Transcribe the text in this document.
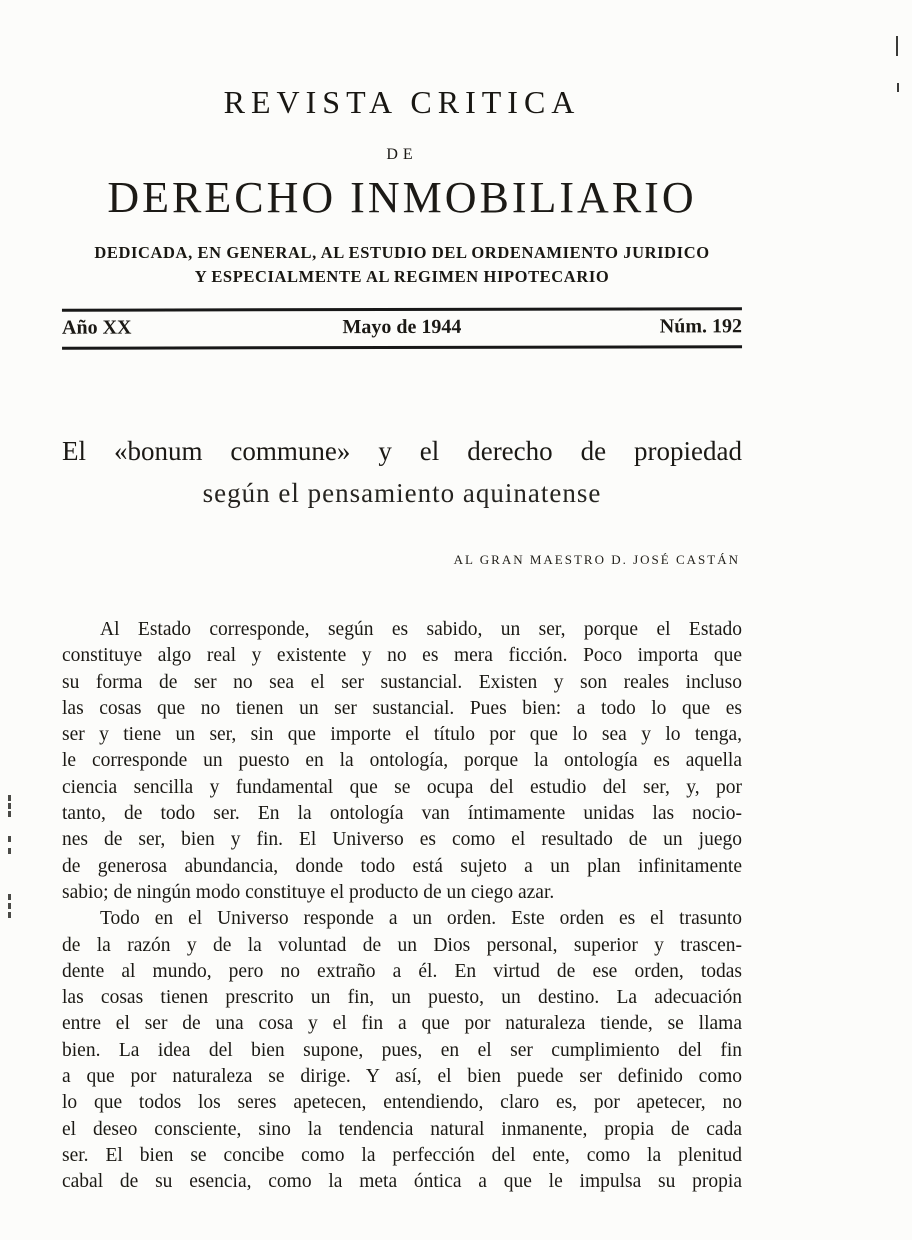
REVISTA CRITICA
DE
DERECHO INMOBILIARIO
DEDICADA, EN GENERAL, AL ESTUDIO DEL ORDENAMIENTO JURIDICO
Y ESPECIALMENTE AL REGIMEN HIPOTECARIO
Año XX	Mayo de 1944	Núm. 192
El «bonum commune» y el derecho de propiedad
según el pensamiento aquinatense
AL GRAN MAESTRO D. JOSÉ CASTÁN
Al Estado corresponde, según es sabido, un ser, porque el Estado
constituye algo real y existente y no es mera ficción. Poco importa que
su forma de ser no sea el ser sustancial. Existen y son reales incluso
las cosas que no tienen un ser sustancial. Pues bien: a todo lo que es
ser y tiene un ser, sin que importe el título por que lo sea y lo tenga,
le corresponde un puesto en la ontología, porque la ontología es aquella
ciencia sencilla y fundamental que se ocupa del estudio del ser, y, por
tanto, de todo ser. En la ontología van íntimamente unidas las nocio-
nes de ser, bien y fin. El Universo es como el resultado de un juego
de generosa abundancia, donde todo está sujeto a un plan infinitamente
sabio; de ningún modo constituye el producto de un ciego azar.
Todo en el Universo responde a un orden. Este orden es el trasunto
de la razón y de la voluntad de un Dios personal, superior y trascen-
dente al mundo, pero no extraño a él. En virtud de ese orden, todas
las cosas tienen prescrito un fin, un puesto, un destino. La adecuación
entre el ser de una cosa y el fin a que por naturaleza tiende, se llama
bien. La idea del bien supone, pues, en el ser cumplimiento del fin
a que por naturaleza se dirige. Y así, el bien puede ser definido como
lo que todos los seres apetecen, entendiendo, claro es, por apetecer, no
el deseo consciente, sino la tendencia natural inmanente, propia de cada
ser. El bien se concibe como la perfección del ente, como la plenitud
cabal de su esencia, como la meta óntica a que le impulsa su propia
